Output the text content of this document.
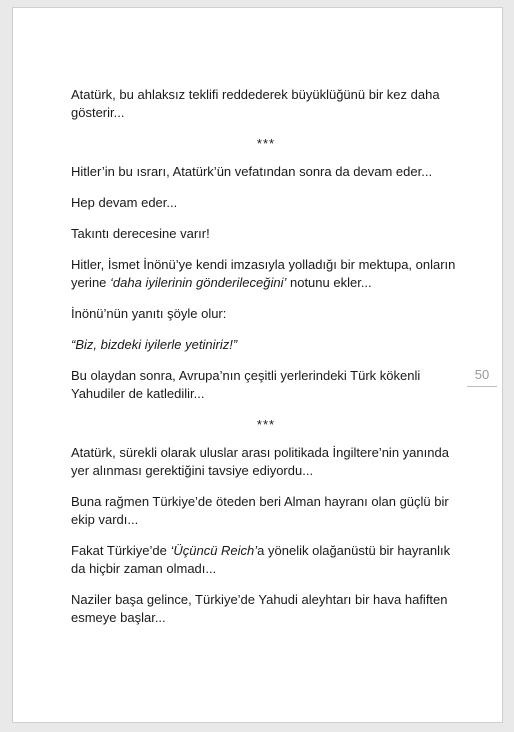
Atatürk, bu ahlaksız teklifi reddederek büyüklüğünü bir kez daha gösterir...

***

Hitler’in bu ısrarı, Atatürk’ün vefatından sonra da devam eder...

Hep devam eder...

Takıntı derecesine varır!

Hitler, İsmet İnönü’ye kendi imzasıyla yolladığı bir mektupa, onların yerine ‘daha iyilerinin gönderileceğini’ notunu ekler...

İnönü’nün yanıtı şöyle olur:

“Biz, bizdeki iyilerle yetiniriz!”

Bu olaydan sonra, Avrupa’nın çeşitli yerlerindeki Türk kökenli Yahudiler de katledilir...

***

Atatürk, sürekli olarak uluslar arası politikada İngiltere’nin yanında yer alınması gerektiğini tavsiye ediyordu...

Buna rağmen Türkiye’de öteden beri Alman hayranı olan güçlü bir ekip vardı...

Fakat Türkiye’de ‘Üçüncü Reich’a yönelik olağanüstü bir hayranlık da hiçbir zaman olmadı...

Naziler başa gelince, Türkiye’de Yahudi aleyhtarı bir hava hafiften esmeye başlar...

50
